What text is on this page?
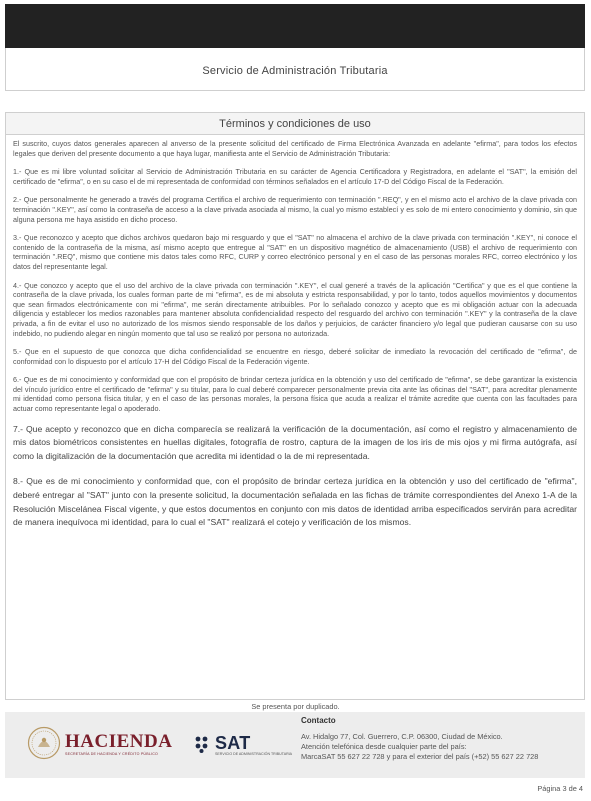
Servicio de Administración Tributaria
Términos y condiciones de uso

El suscrito, cuyos datos generales aparecen al anverso de la presente solicitud del certificado de Firma Electrónica Avanzada en adelante "efirma", para todos los efectos legales que deriven del presente documento a que haya lugar, manifiesta ante el Servicio de Administración Tributaria:

1.- Que es mi libre voluntad solicitar al Servicio de Administración Tributaria en su carácter de Agencia Certificadora y Registradora, en adelante el "SAT", la emisión del certificado de "efirma", o en su caso el de mi representada de conformidad con términos señalados en el artículo 17-D del Código Fiscal de la Federación.

2.- Que personalmente he generado a través del programa Certifica el archivo de requerimiento con terminación ".REQ", y en el mismo acto el archivo de la clave privada con terminación ".KEY", así como la contraseña de acceso a la clave privada asociada al mismo, la cual yo mismo establecí y es solo de mi entero conocimiento y dominio, sin que alguna persona me haya asistido en dicho proceso.

3.- Que reconozco y acepto que dichos archivos quedaron bajo mi resguardo y que el "SAT" no almacena el archivo de la clave privada con terminación ".KEY", ni conoce el contenido de la contraseña de la misma, así mismo acepto que entregue al "SAT" en un dispositivo magnético de almacenamiento (USB) el archivo de requerimiento con terminación ".REQ", mismo que contiene mis datos tales como RFC, CURP y correo electrónico personal y en el caso de las personas morales RFC, correo electrónico y los datos del representante legal.

4.- Que conozco y acepto que el uso del archivo de la clave privada con terminación ".KEY", el cual generé a través de la aplicación "Certifica" y que es el que contiene la contraseña de la clave privada, los cuales forman parte de mi "efirma", es de mi absoluta y estricta responsabilidad, y por lo tanto, todos aquellos movimientos y documentos que sean firmados electrónicamente con mi "efirma", me serán directamente atribuibles. Por lo señalado conozco y acepto que es mi obligación actuar con la adecuada diligencia y establecer los medios razonables para mantener absoluta confidencialidad respecto del resguardo del archivo con terminación ".KEY" y la contraseña de la clave privada, a fin de evitar el uso no autorizado de los mismos siendo responsable de los daños y perjuicios, de carácter financiero y/o legal que pudieran causarse con su uso indebido, no pudiendo alegar en ningún momento que tal uso se realizó por persona no autorizada.

5.- Que en el supuesto de que conozca que dicha confidencialidad se encuentre en riesgo, deberé solicitar de inmediato la revocación del certificado de "efirma", de conformidad con lo dispuesto por el artículo 17-H del Código Fiscal de la Federación vigente.

6.- Que es de mi conocimiento y conformidad que con el propósito de brindar certeza jurídica en la obtención y uso del certificado de "efirma", se debe garantizar la existencia del vínculo jurídico entre el certificado de "efirma" y su titular, para lo cual deberé comparecer personalmente previa cita ante las oficinas del "SAT", para acreditar plenamente mi identidad como persona física titular, y en el caso de las personas morales, la persona física que acuda a realizar el trámite acredite que cuenta con las facultades para actuar como representante legal o apoderado.

7.- Que acepto y reconozco que en dicha comparecía se realizará la verificación de la documentación, así como el registro y almacenamiento de mis datos biométricos consistentes en huellas digitales, fotografía de rostro, captura de la imagen de los iris de mis ojos y mi firma autógrafa, así como la digitalización de la documentación que acredita mi identidad o la de mi representada.

8.- Que es de mi conocimiento y conformidad que, con el propósito de brindar certeza jurídica en la obtención y uso del certificado de "efirma", deberé entregar al "SAT" junto con la presente solicitud, la documentación señalada en las fichas de trámite correspondientes del Anexo 1-A de la Resolución Miscelánea Fiscal vigente, y que estos documentos en conjunto con mis datos de identidad arriba especificados servirán para acreditar de manera inequívoca mi identidad, para lo cual el "SAT" realizará el cotejo y verificación de los mismos.

Se presenta por duplicado.
HACIENDA
SECRETARÍA DE HACIENDA Y CRÉDITO PÚBLICO
SAT
SERVICIO DE ADMINISTRACIÓN TRIBUTARIA
Contacto
Av. Hidalgo 77, Col. Guerrero, C.P. 06300, Ciudad de México.
Atención telefónica desde cualquier parte del país:
MarcaSAT 55 627 22 728 y para el exterior del país (+52) 55 627 22 728
Página 3 de 4
